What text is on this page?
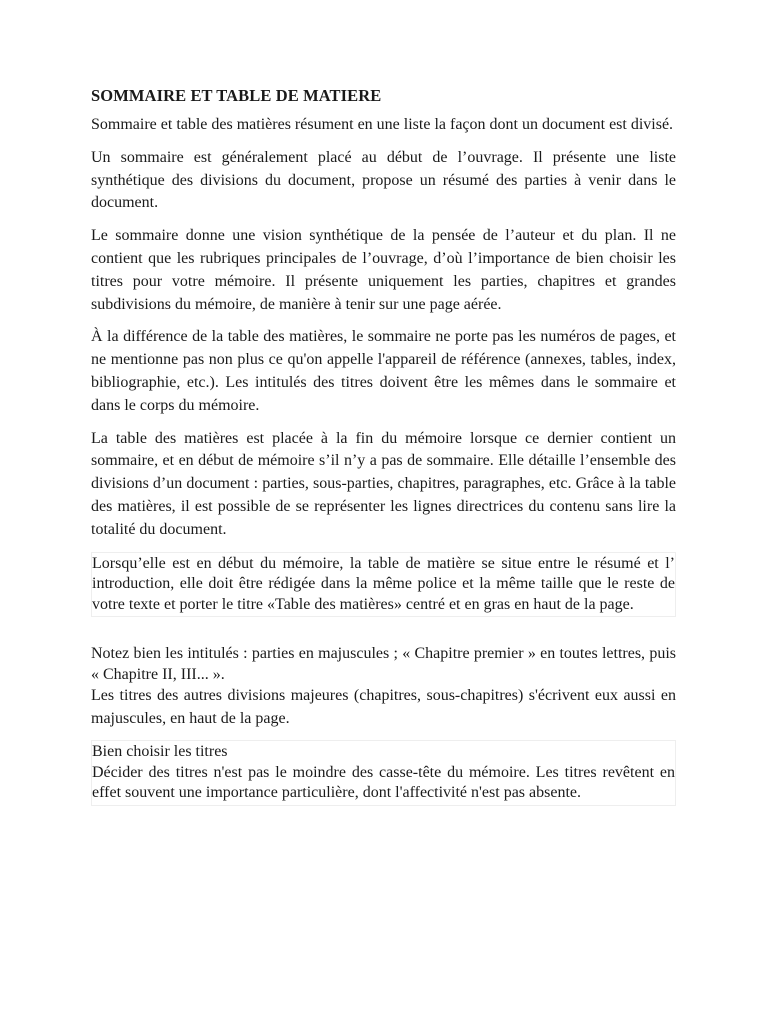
SOMMAIRE ET TABLE DE MATIERE

Sommaire et table des matières résument en une liste la façon dont un document est divisé.

Un sommaire est généralement placé au début de l’ouvrage. Il présente une liste synthétique des divisions du document, propose un résumé des parties à venir dans le document.

Le sommaire donne une vision synthétique de la pensée de l’auteur et du plan. Il ne contient que les rubriques principales de l’ouvrage, d’où l’importance de bien choisir les titres pour votre mémoire. Il présente uniquement les parties, chapitres et grandes subdivisions du mémoire, de manière à tenir sur une page aérée.

À la différence de la table des matières, le sommaire ne porte pas les numéros de pages, et ne mentionne pas non plus ce qu'on appelle l'appareil de référence (annexes, tables, index, bibliographie, etc.). Les intitulés des titres doivent être les mêmes dans le sommaire et dans le corps du mémoire.

La table des matières est placée à la fin du mémoire lorsque ce dernier contient un sommaire, et en début de mémoire s’il n’y a pas de sommaire. Elle détaille l’ensemble des divisions d’un document : parties, sous-parties, chapitres, paragraphes, etc. Grâce à la table des matières, il est possible de se représenter les lignes directrices du contenu sans lire la totalité du document.

Lorsqu’elle est en début du mémoire, la table de matière se situe entre le résumé et l’ introduction, elle doit être rédigée dans la même police et la même taille que le reste de votre texte et porter le titre «Table des matières» centré et en gras en haut de la page.
Notez bien les intitulés : parties en majuscules ; « Chapitre premier » en toutes lettres, puis « Chapitre II, III... ».
Les titres des autres divisions majeures (chapitres, sous-chapitres) s'écrivent eux aussi en majuscules, en haut de la page.
Bien choisir les titres
Décider des titres n'est pas le moindre des casse-tête du mémoire. Les titres revêtent en effet souvent une importance particulière, dont l'affectivité n'est pas absente.
